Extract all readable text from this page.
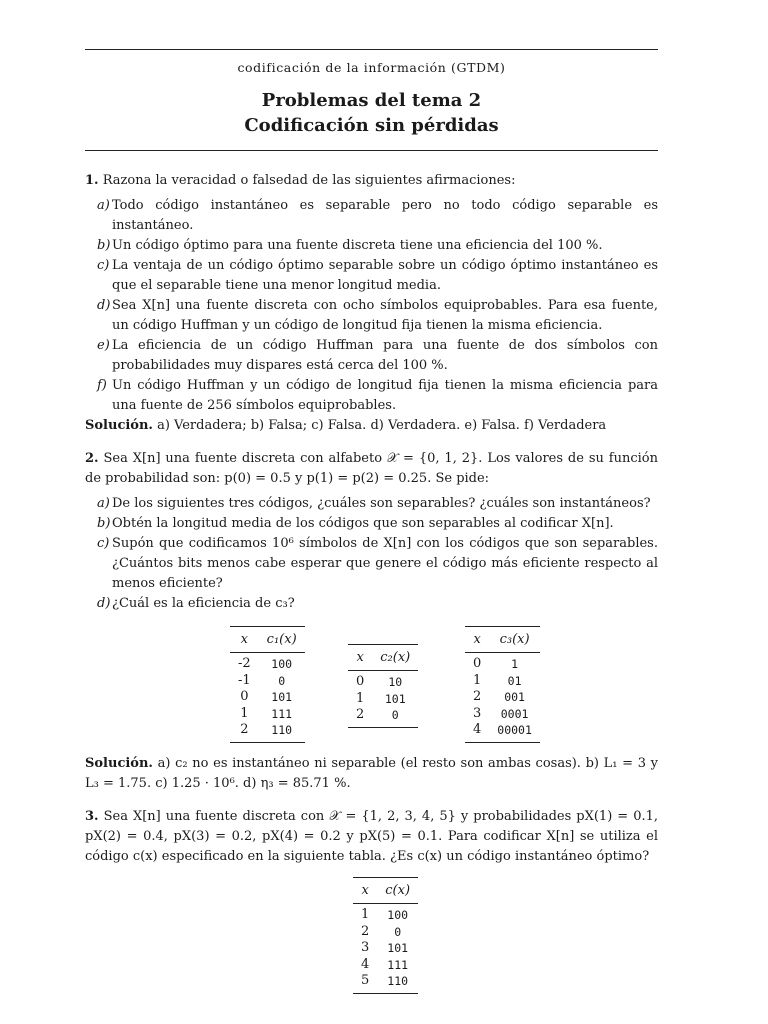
codificación de la información (GTDM)
Problemas del tema 2
Codificación sin pérdidas

1. Razona la veracidad o falsedad de las siguientes afirmaciones:

a) Todo código instantáneo es separable pero no todo código separable es instantáneo.
b) Un código óptimo para una fuente discreta tiene una eficiencia del 100 %.
c) La ventaja de un código óptimo separable sobre un código óptimo instantáneo es que el separable tiene una menor longitud media.
d) Sea X[n] una fuente discreta con ocho símbolos equiprobables. Para esa fuente, un código Huffman y un código de longitud fija tienen la misma eficiencia.
e) La eficiencia de un código Huffman para una fuente de dos símbolos con probabilidades muy dispares está cerca del 100 %.
f) Un código Huffman y un código de longitud fija tienen la misma eficiencia para una fuente de 256 símbolos equiprobables.

Solución. a) Verdadera; b) Falsa; c) Falsa. d) Verdadera. e) Falsa. f) Verdadera

2. Sea X[n] una fuente discreta con alfabeto 𝒳 = {0, 1, 2}. Los valores de su función de probabilidad son: p(0) = 0.5 y p(1) = p(2) = 0.25. Se pide:

a) De los siguientes tres códigos, ¿cuáles son separables? ¿cuáles son instantáneos?
b) Obtén la longitud media de los códigos que son separables al codificar X[n].
c) Supón que codificamos 10⁶ símbolos de X[n] con los códigos que son separables. ¿Cuántos bits menos cabe esperar que genere el código más eficiente respecto al menos eficiente?
d) ¿Cuál es la eficiencia de c₃?
x	c₁(x)
-2	100
-1	0
0	101
1	111
2	110
x	c₂(x)
0	10
1	101
2	0
x	c₃(x)
0	1
1	01
2	001
3	0001
4	00001

Solución. a) c₂ no es instantáneo ni separable (el resto son ambas cosas). b) L₁ = 3 y L₃ = 1.75. c) 1.25 · 10⁶. d) η₃ = 85.71 %.

3. Sea X[n] una fuente discreta con 𝒳 = {1, 2, 3, 4, 5} y probabilidades pX(1) = 0.1, pX(2) = 0.4, pX(3) = 0.2, pX(4) = 0.2 y pX(5) = 0.1. Para codificar X[n] se utiliza el código c(x) especificado en la siguiente tabla. ¿Es c(x) un código instantáneo óptimo?

x	c(x)
1	100
2	0
3	101
4	111
5	110
